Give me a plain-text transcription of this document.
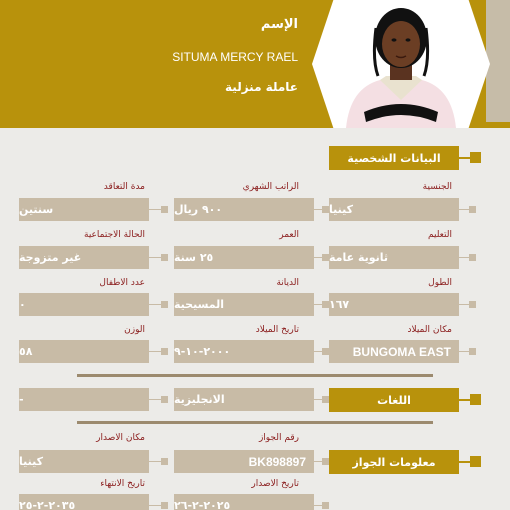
الإسم
SITUMA MERCY RAEL
عاملة منزلية
البيانات الشخصية
الجنسية
الراتب الشهري
مدة التعاقد
كينيا
٩٠٠ ريال
سنتين
التعليم
العمر
الحالة الاجتماعية
ثانوية عامة
٢٥ سنة
غير متزوجة
الطول
الديانة
عدد الاطفال
١٦٧
المسيحية
٠
مكان الميلاد
تاريخ الميلاد
الوزن
BUNGOMA EAST
٢٠٠٠-١٠-٩
٥٨
اللغات
الانجليزية
-
رقم الجواز
مكان الاصدار
معلومات الجواز
BK898897
كينيا
تاريخ الاصدار
تاريخ الانتهاء
٢٠٢٥-٢-٢٦
٢٠٣٥-٢-٢٥
